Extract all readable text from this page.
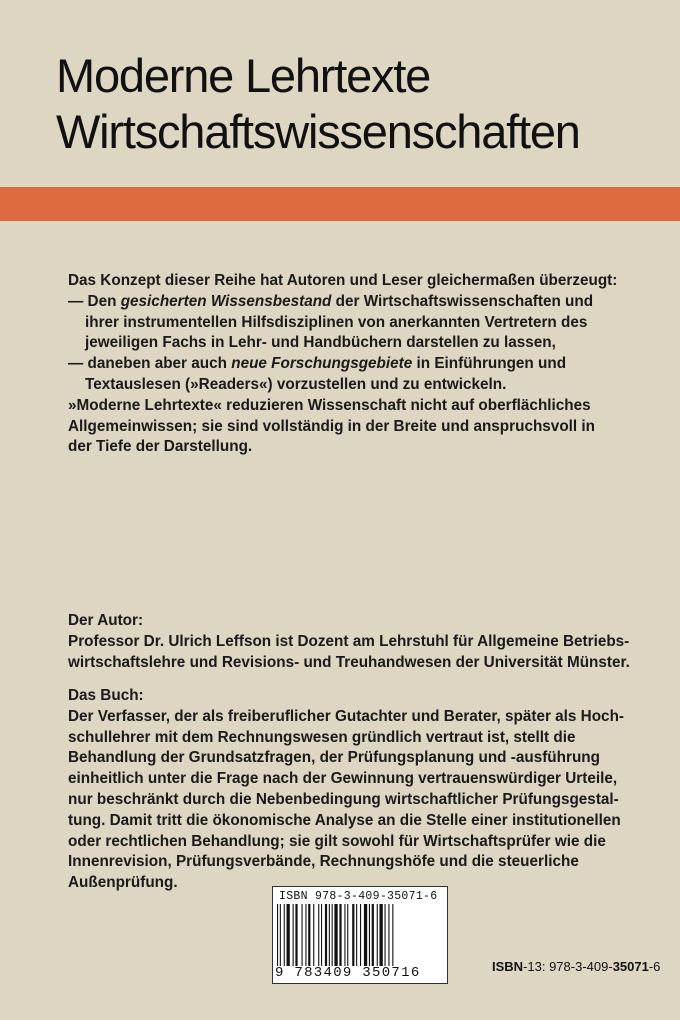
Moderne Lehrtexte
Wirtschaftswissenschaften
Das Konzept dieser Reihe hat Autoren und Leser gleichermaßen überzeugt:
— Den gesicherten Wissensbestand der Wirtschaftswissenschaften und
ihrer instrumentellen Hilfsdisziplinen von anerkannten Vertretern des
jeweiligen Fachs in Lehr- und Handbüchern darstellen zu lassen,
— daneben aber auch neue Forschungsgebiete in Einführungen und
Textauslesen (»Readers«) vorzustellen und zu entwickeln.
»Moderne Lehrtexte« reduzieren Wissenschaft nicht auf oberflächliches
Allgemeinwissen; sie sind vollständig in der Breite und anspruchsvoll in
der Tiefe der Darstellung.
Der Autor:
Professor Dr. Ulrich Leffson ist Dozent am Lehrstuhl für Allgemeine Betriebs-
wirtschaftslehre und Revisions- und Treuhandwesen der Universität Münster.
Das Buch:
Der Verfasser, der als freiberuflicher Gutachter und Berater, später als Hoch-
schullehrer mit dem Rechnungswesen gründlich vertraut ist, stellt die
Behandlung der Grundsatzfragen, der Prüfungsplanung und -ausführung
einheitlich unter die Frage nach der Gewinnung vertrauenswürdiger Urteile,
nur beschränkt durch die Nebenbedingung wirtschaftlicher Prüfungsgestal-
tung. Damit tritt die ökonomische Analyse an die Stelle einer institutionellen
oder rechtlichen Behandlung; sie gilt sowohl für Wirtschaftsprüfer wie die
Innenrevision, Prüfungsverbände, Rechnungshöfe und die steuerliche
Außenprüfung.
ISBN 978-3-409-35071-6
9 783409 350716	ISBN-13: 978-3-409-35071-6
